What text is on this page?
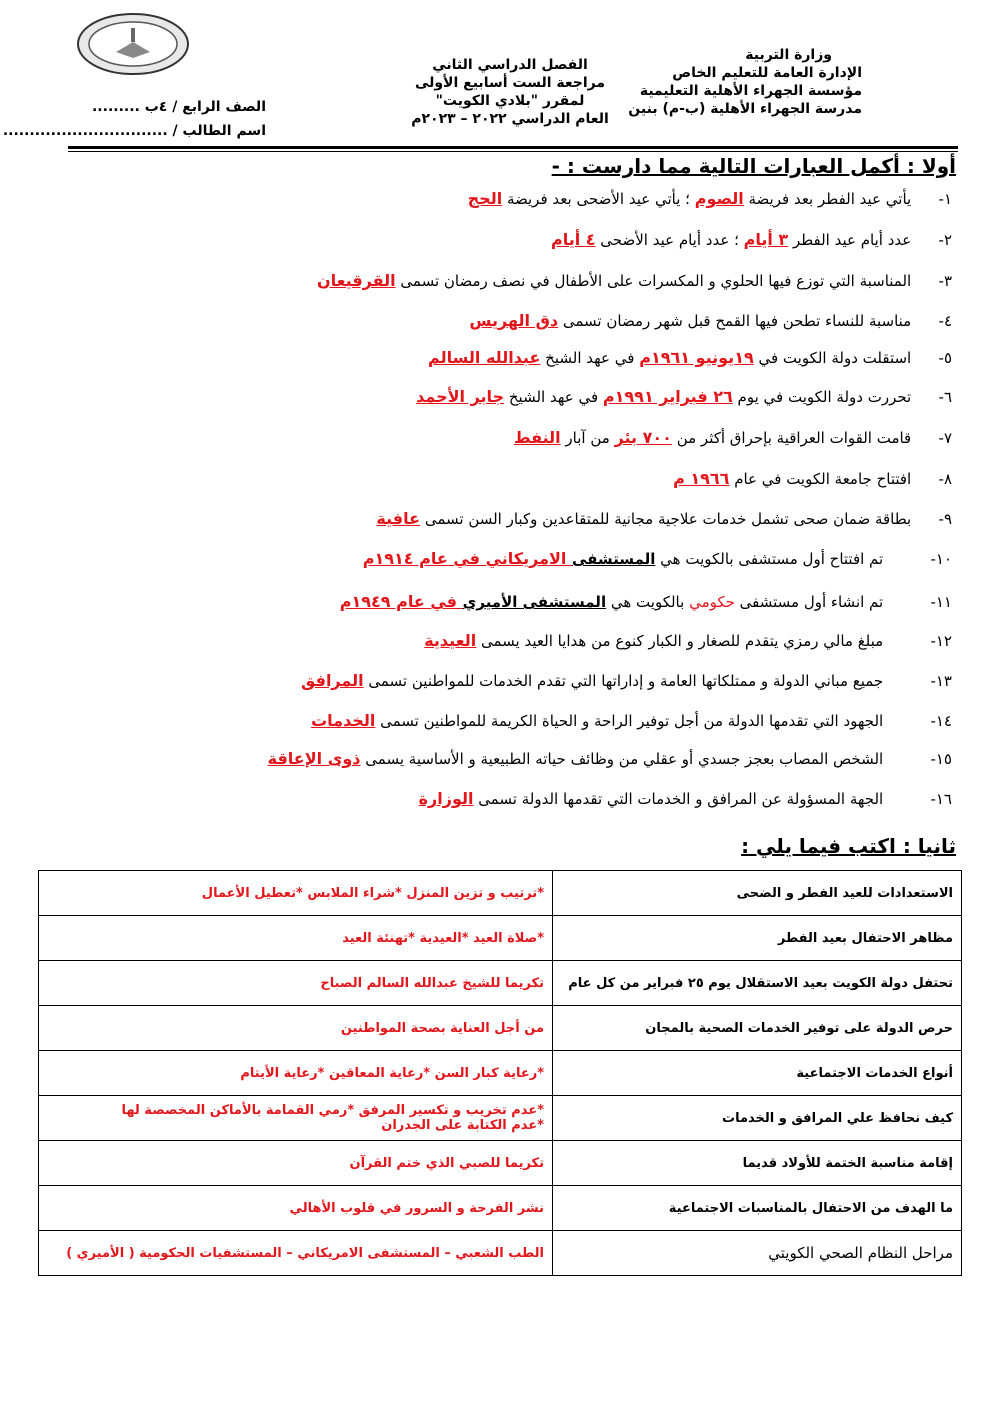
وزارة التربية
الإدارة العامة للتعليم الخاص
مؤسسة الجهراء الأهلية التعليمية
مدرسة الجهراء الأهلية (ب-م) بنين
الفصل الدراسي الثاني
مراجعة الست أسابيع الأولى
لمقرر "بلادي الكويت"
العام الدراسي ٢٠٢٢ – ٢٠٢٣م
الصف الرابع / ٤ب .........
اسم الطالب / ...............................
أولا : أكمل العبارات التالية مما دارست : -
١- يأتي عيد الفطر بعد فريضة الصوم ؛ يأتي عيد الأضحى بعد فريضة الحج
٢- عدد أيام عيد الفطر ٣ أيام ؛ عدد أيام عيد الأضحى ٤ أيام
٣- المناسبة التي توزع فيها الحلوي و المكسرات على الأطفال في نصف رمضان تسمى القرقيعان
٤- مناسبة للنساء تطحن فيها القمح قبل شهر رمضان تسمى دق الهريس
٥- استقلت دولة الكويت في ١٩يونيو ١٩٦١م في عهد الشيخ عبدالله السالم
٦- تحررت دولة الكويت في يوم ٢٦ فبراير ١٩٩١م في عهد الشيخ جابر الأحمد
٧- قامت القوات العراقية بإحراق أكثر من ٧٠٠ بئر من آبار النفط
٨- افتتاح جامعة الكويت في عام ١٩٦٦ م
٩- بطاقة ضمان صحى تشمل خدمات علاجية مجانية للمتقاعدين وكبار السن تسمى عافية
١٠- تم افتتاح أول مستشفى بالكويت هي المستشفى الامريكاني في عام ١٩١٤م
١١- تم انشاء أول مستشفى حكومي بالكويت هي المستشفى الأميري في عام ١٩٤٩م
١٢- مبلغ مالي رمزي يتقدم للصغار و الكبار كنوع من هدايا العيد يسمى العيدية
١٣- جميع مباني الدولة و ممتلكاتها العامة و إداراتها التي تقدم الخدمات للمواطنين تسمى المرافق
١٤- الجهود التي تقدمها الدولة من أجل توفير الراحة و الحياة الكريمة للمواطنين تسمى الخدمات
١٥- الشخص المصاب بعجز جسدي أو عقلي من وظائف حياته الطبيعية و الأساسية يسمى ذوى الإعاقة
١٦- الجهة المسؤولة عن المرافق و الخدمات التي تقدمها الدولة تسمى الوزارة
ثانيا : اكتب فيما يلي :
الاستعدادات للعيد الفطر و الضحى	*ترتيب و تزين المنزل *شراء الملابس *تعطيل الأعمال

مظاهر الاحتفال بعيد الفطر	*صلاة العيد *العيدية *تهنئة العيد

تحتفل دولة الكويت بعيد الاستقلال يوم ٢٥ فبراير من كل عام	تكريما للشيخ عبدالله السالم الصباح

حرص الدولة على توفير الخدمات الصحية بالمجان	من أجل العناية بصحة المواطنين

أنواع الخدمات الاجتماعية	*رعاية كبار السن *رعاية المعاقين *رعاية الأيتام

كيف نحافظ علي المرافق و الخدمات	*عدم تخريب و تكسير المرفق *رمي القمامة بالأماكن المخصصة لها
*عدم الكتابة على الجدران

إقامة مناسبة الختمة للأولاد قديما	تكريما للصبي الذي ختم القرآن

ما الهدف من الاحتفال بالمناسبات الاجتماعية	نشر الفرحة و السرور في قلوب الأهالي

مراحل النظام الصحي الكويتي	الطب الشعبي – المستشفى الامريكاني – المستشفيات الحكومية ( الأميري )
